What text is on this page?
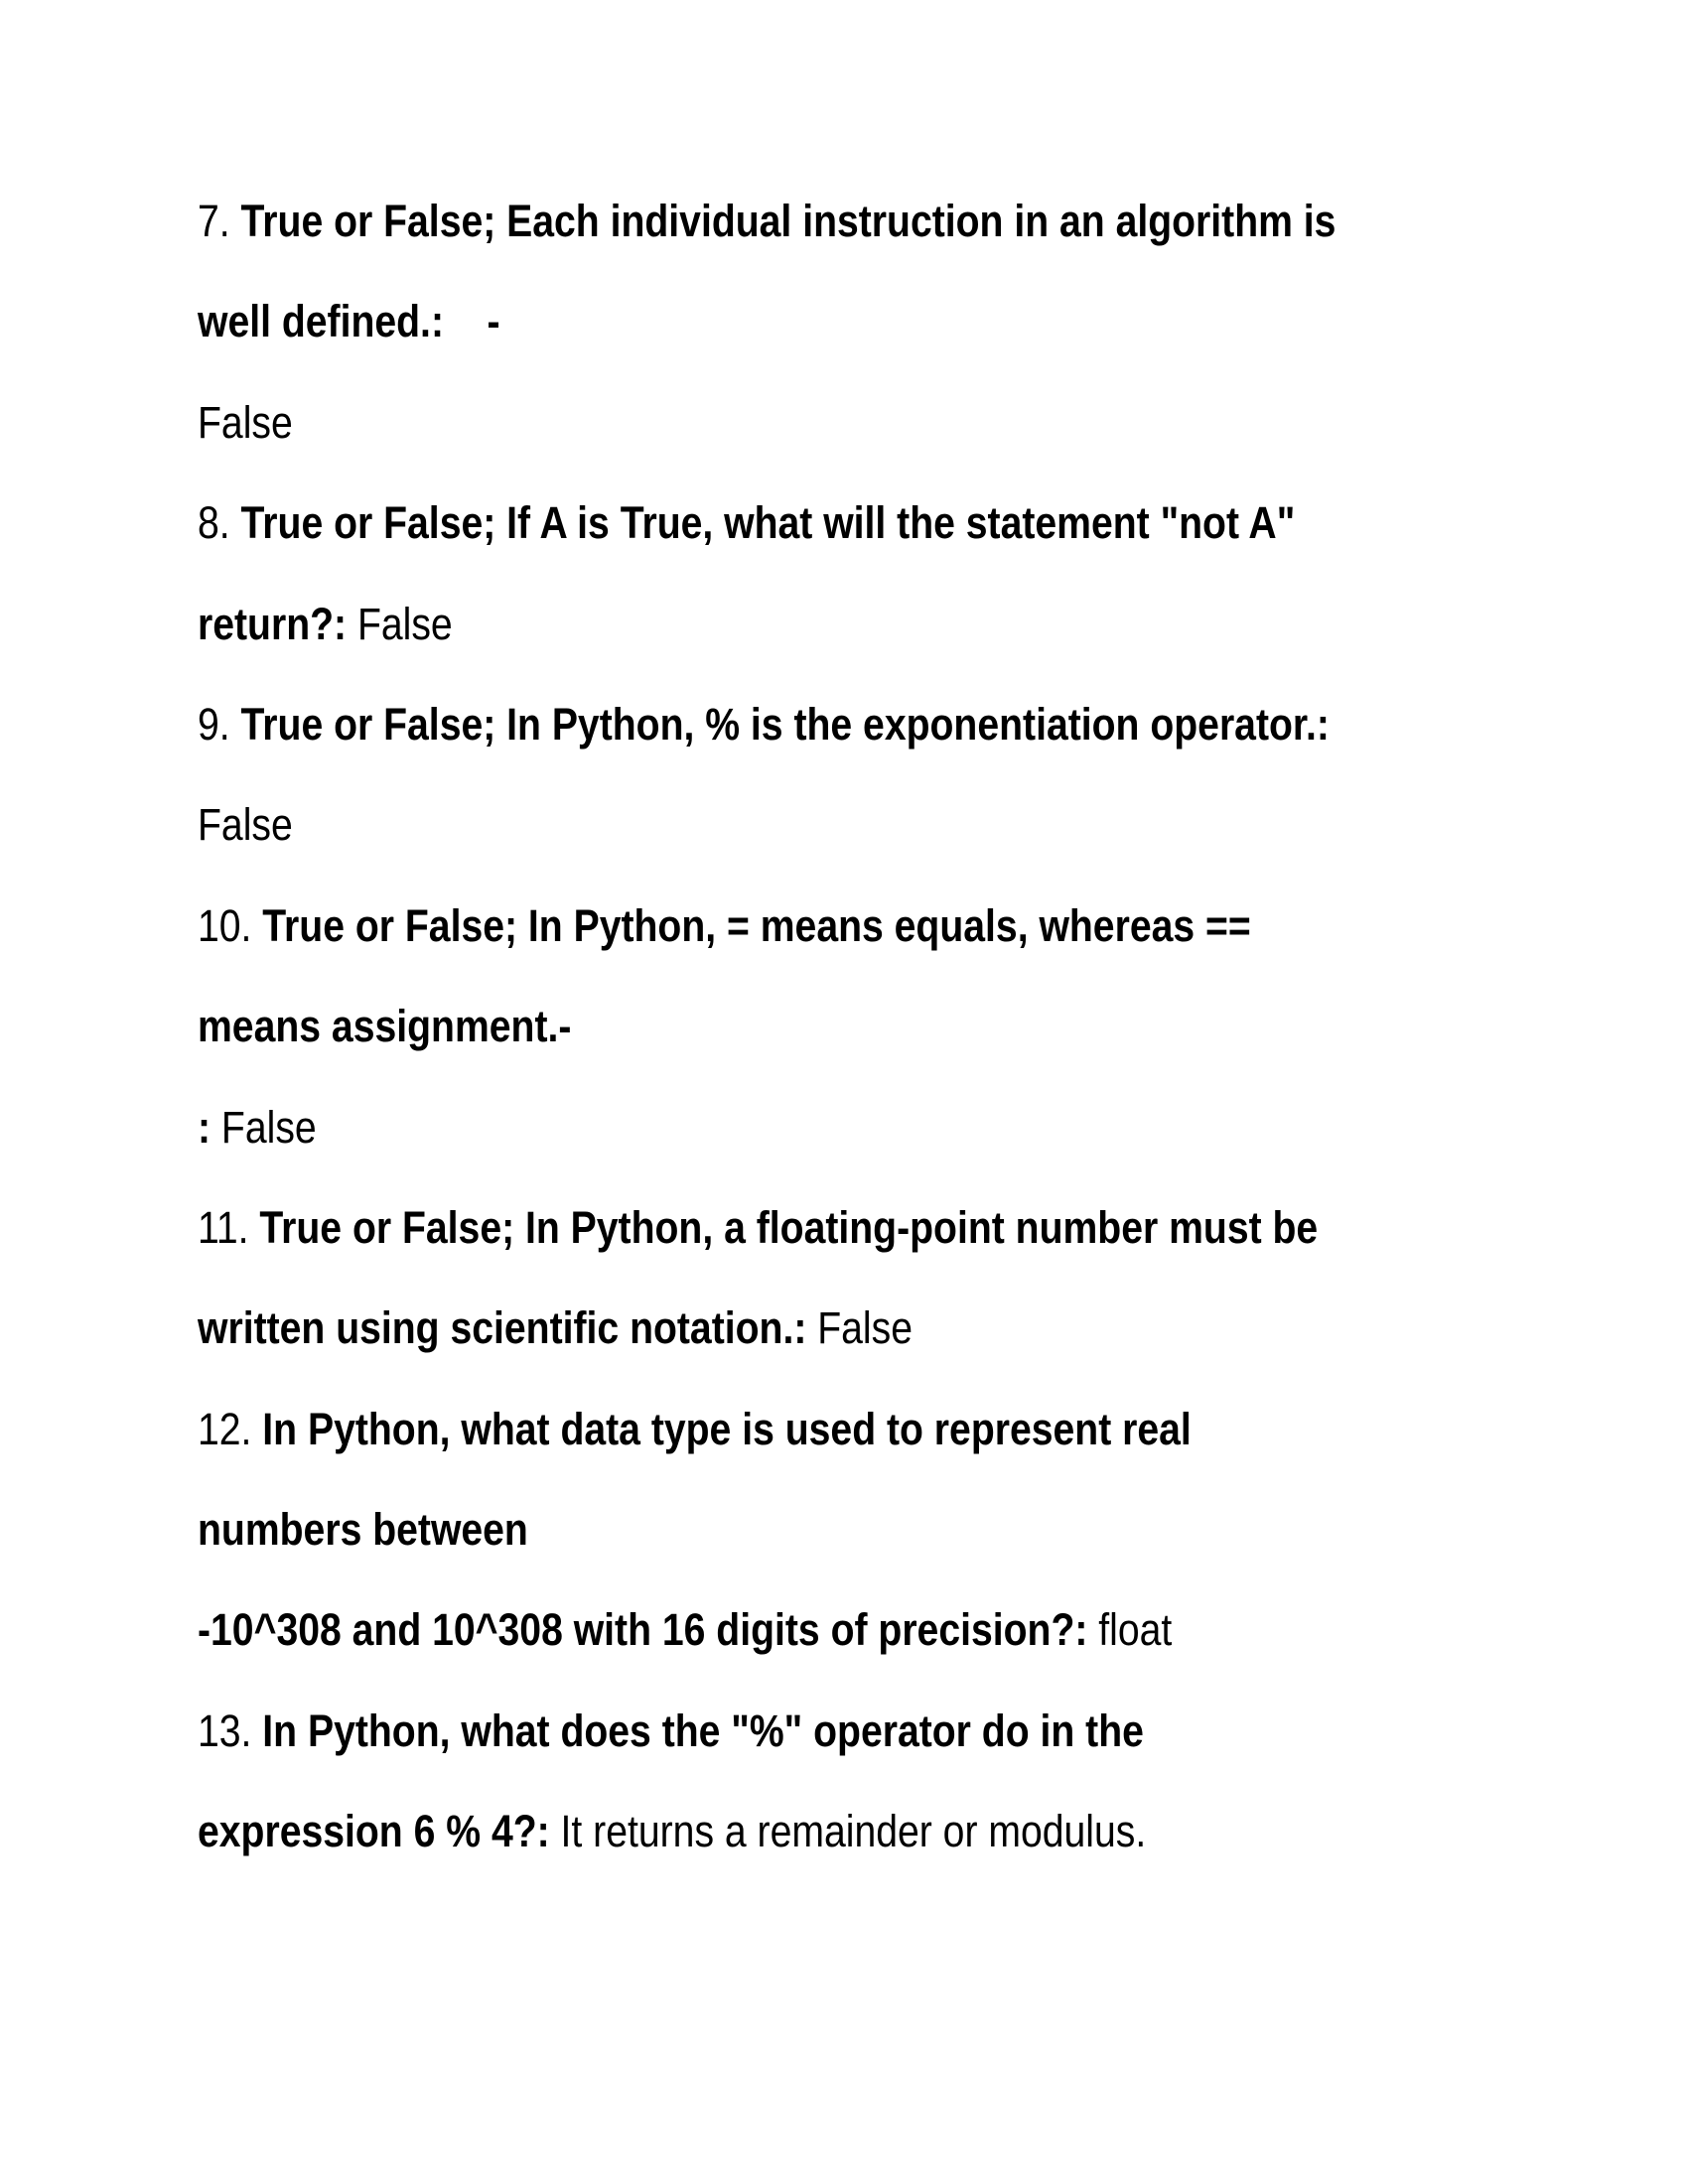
7. True or False; Each individual instruction in an algorithm is
well defined.:    -
False
8. True or False; If A is True, what will the statement "not A"
return?: False
9. True or False; In Python, % is the exponentiation operator.:
False
10. True or False; In Python, = means equals, whereas ==
means assignment.-
: False
11. True or False; In Python, a floating-point number must be
written using scientific notation.: False
12. In Python, what data type is used to represent real
numbers between
-10^308 and 10^308 with 16 digits of precision?: float
13. In Python, what does the "%" operator do in the
expression 6 % 4?: It returns a remainder or modulus.
